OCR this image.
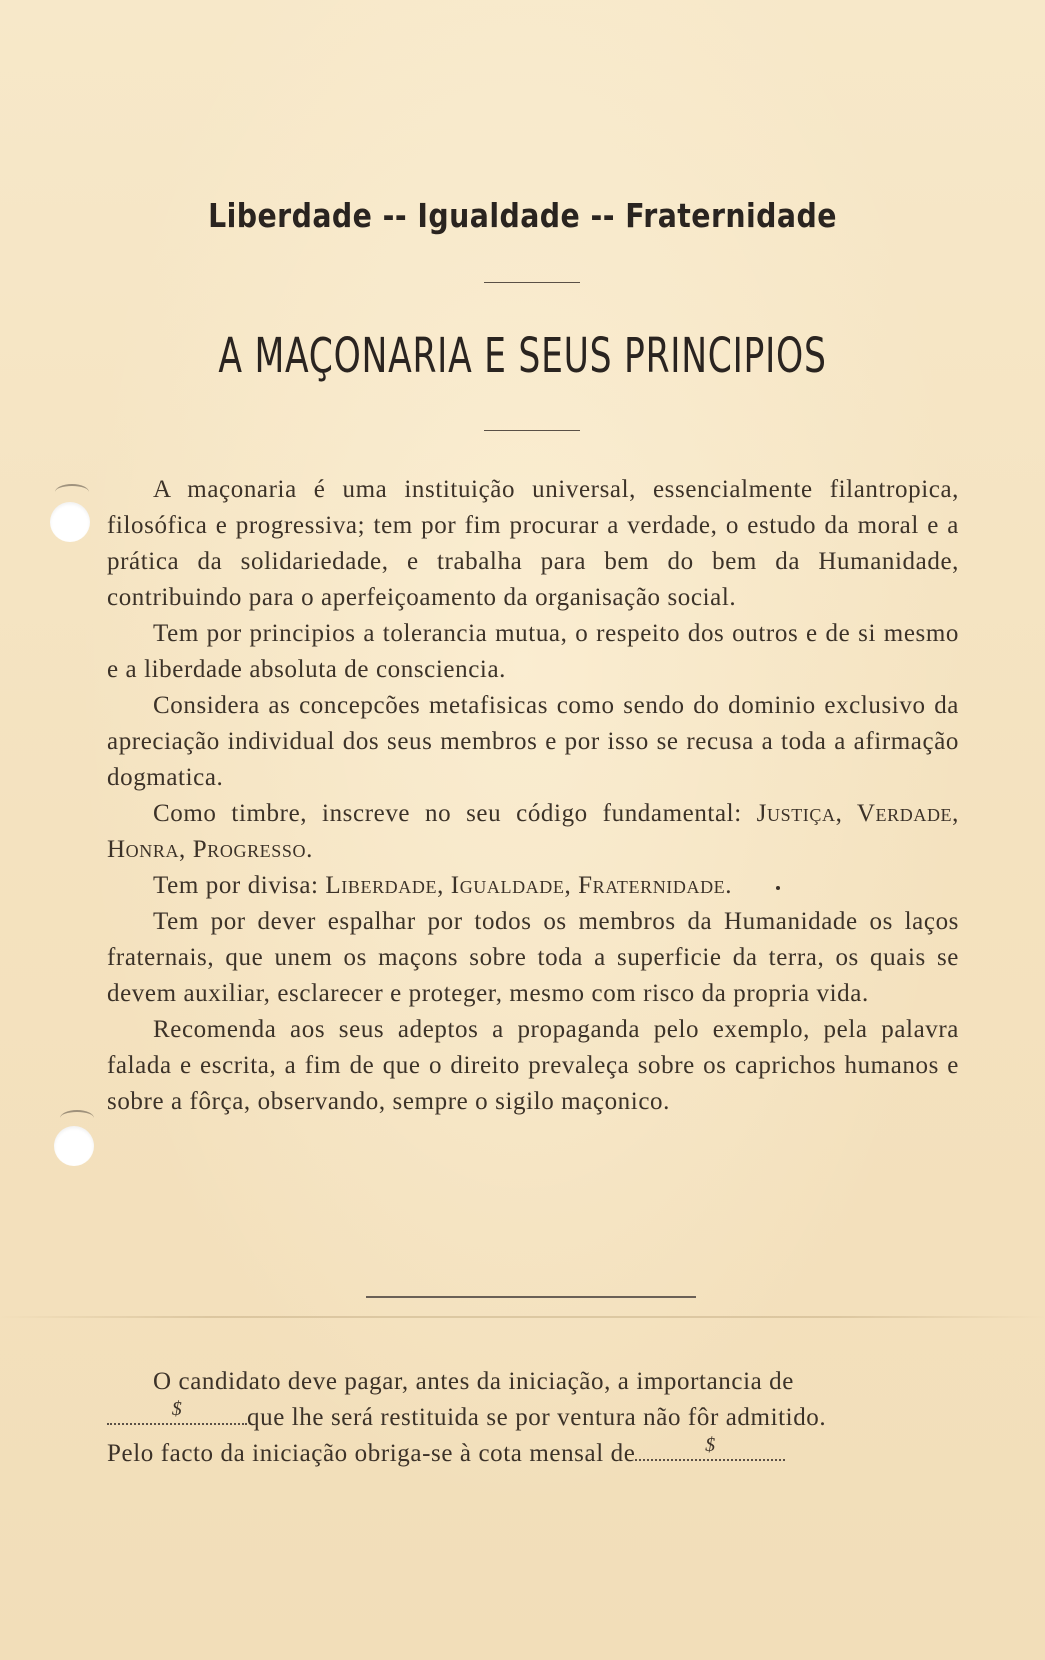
Liberdade -- Igualdade -- Fraternidade
A MAÇONARIA E SEUS PRINCIPIOS

A maçonaria é uma instituição universal, essencialmente filantropica, filosófica e progressiva; tem por fim procurar a verdade, o estudo da moral e a prática da solidariedade, e trabalha para bem do bem da Humanidade, contribuindo para o aperfeiçoamento da organisação social.

Tem por principios a tolerancia mutua, o respeito dos outros e de si mesmo e a liberdade absoluta de consciencia.

Considera as concepcões metafisicas como sendo do dominio exclusivo da apreciação individual dos seus membros e por isso se recusa a toda a afirmação dogmatica.

Como timbre, inscreve no seu código fundamental: Justiça, Verdade, Honra, Progresso.

Tem por divisa: Liberdade, Igualdade, Fraternidade.

Tem por dever espalhar por todos os membros da Humanidade os laços fraternais, que unem os maçons sobre toda a superficie da terra, os quais se devem auxiliar, esclarecer e proteger, mesmo com risco da propria vida.

Recomenda aos seus adeptos a propaganda pelo exemplo, pela palavra falada e escrita, a fim de que o direito prevaleça sobre os caprichos humanos e sobre a fôrça, observando, sempre o sigilo maçonico.

O candidato deve pagar, antes da iniciação, a importancia de

$	que lhe será restituida se por ventura não fôr admitido.

Pelo facto da iniciação obriga-se à cota mensal de	$
